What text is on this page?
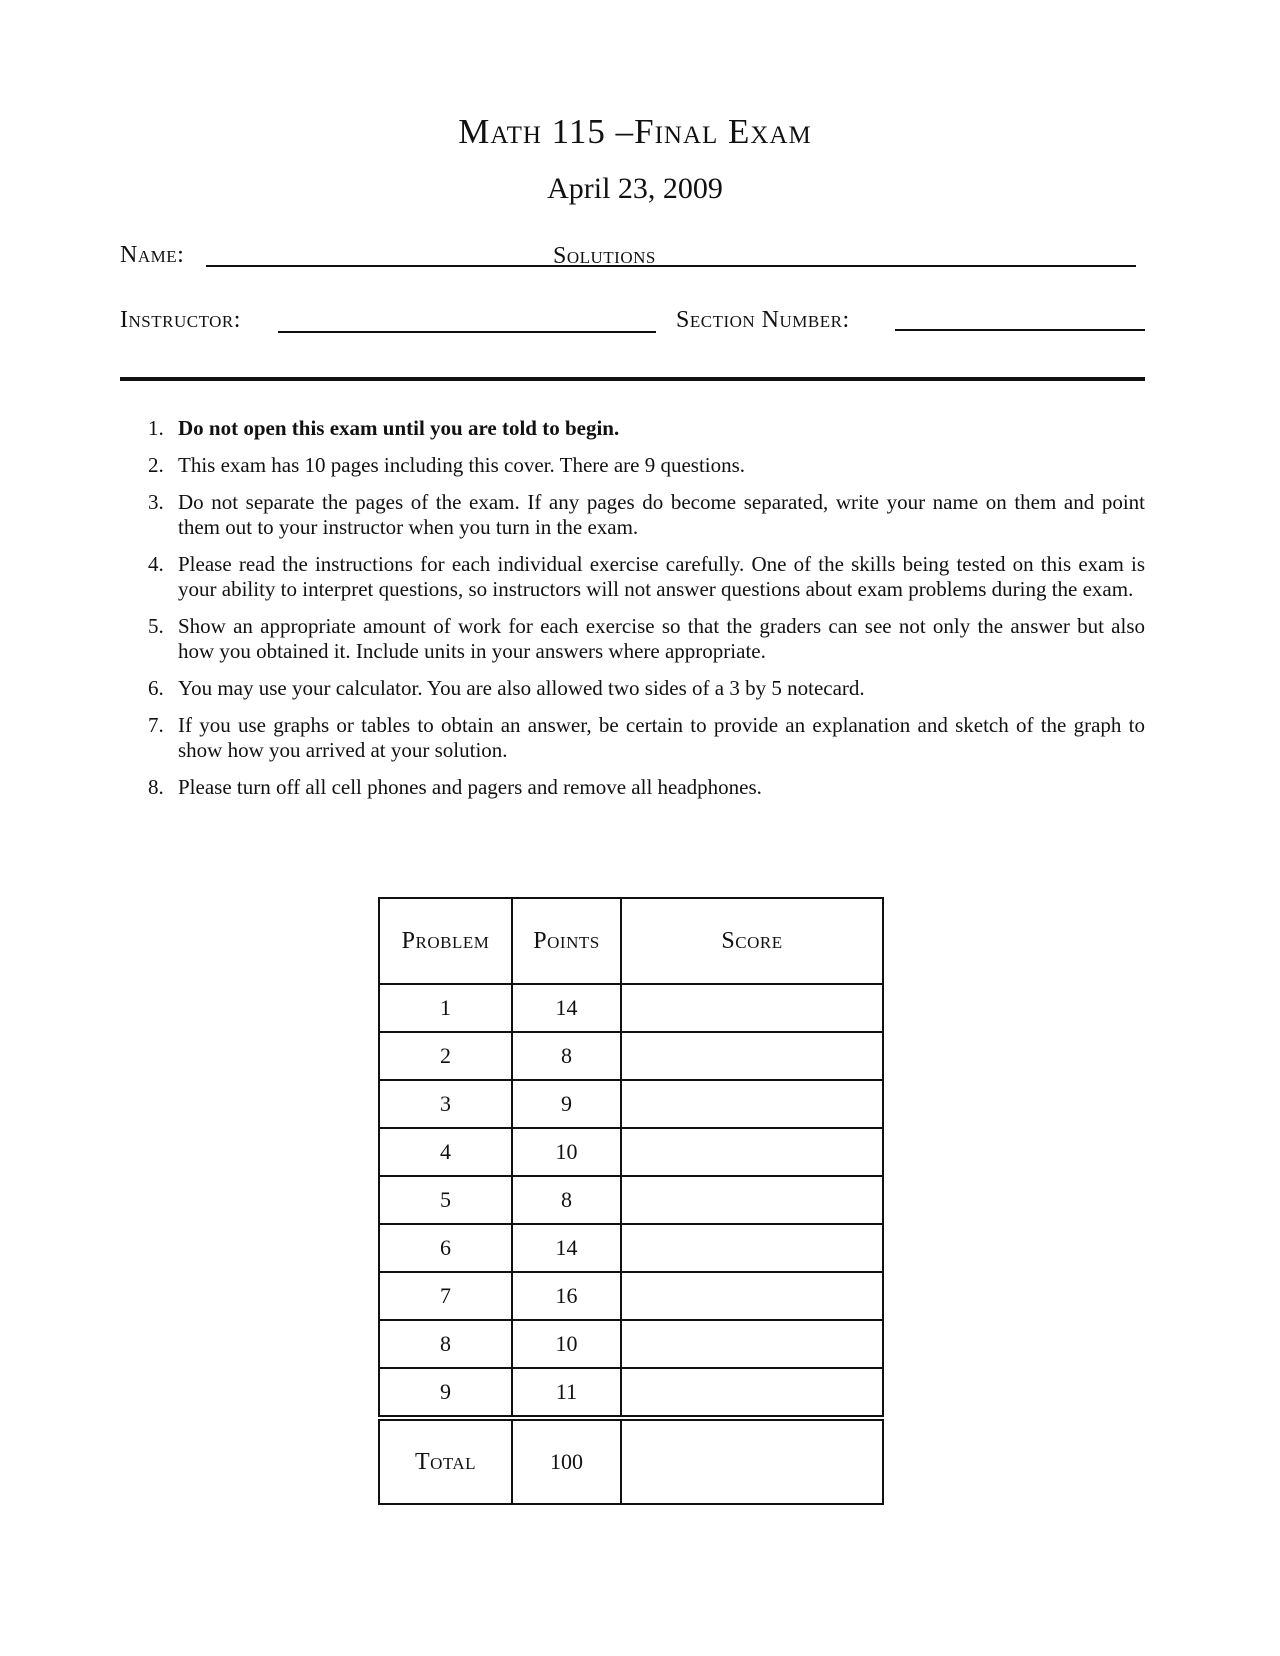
Math 115 –Final Exam
April 23, 2009
Name:	Solutions
Instructor:	Section Number:
1. Do not open this exam until you are told to begin.
2. This exam has 10 pages including this cover. There are 9 questions.
3. Do not separate the pages of the exam. If any pages do become separated, write your name on them and point them out to your instructor when you turn in the exam.
4. Please read the instructions for each individual exercise carefully. One of the skills being tested on this exam is your ability to interpret questions, so instructors will not answer questions about exam problems during the exam.
5. Show an appropriate amount of work for each exercise so that the graders can see not only the answer but also how you obtained it. Include units in your answers where appropriate.
6. You may use your calculator. You are also allowed two sides of a 3 by 5 notecard.
7. If you use graphs or tables to obtain an answer, be certain to provide an explanation and sketch of the graph to show how you arrived at your solution.
8. Please turn off all cell phones and pagers and remove all headphones.
Problem	Points	Score
1	14	
2	8	
3	9	
4	10	
5	8	
6	14	
7	16	
8	10	
9	11	
Total	100	
